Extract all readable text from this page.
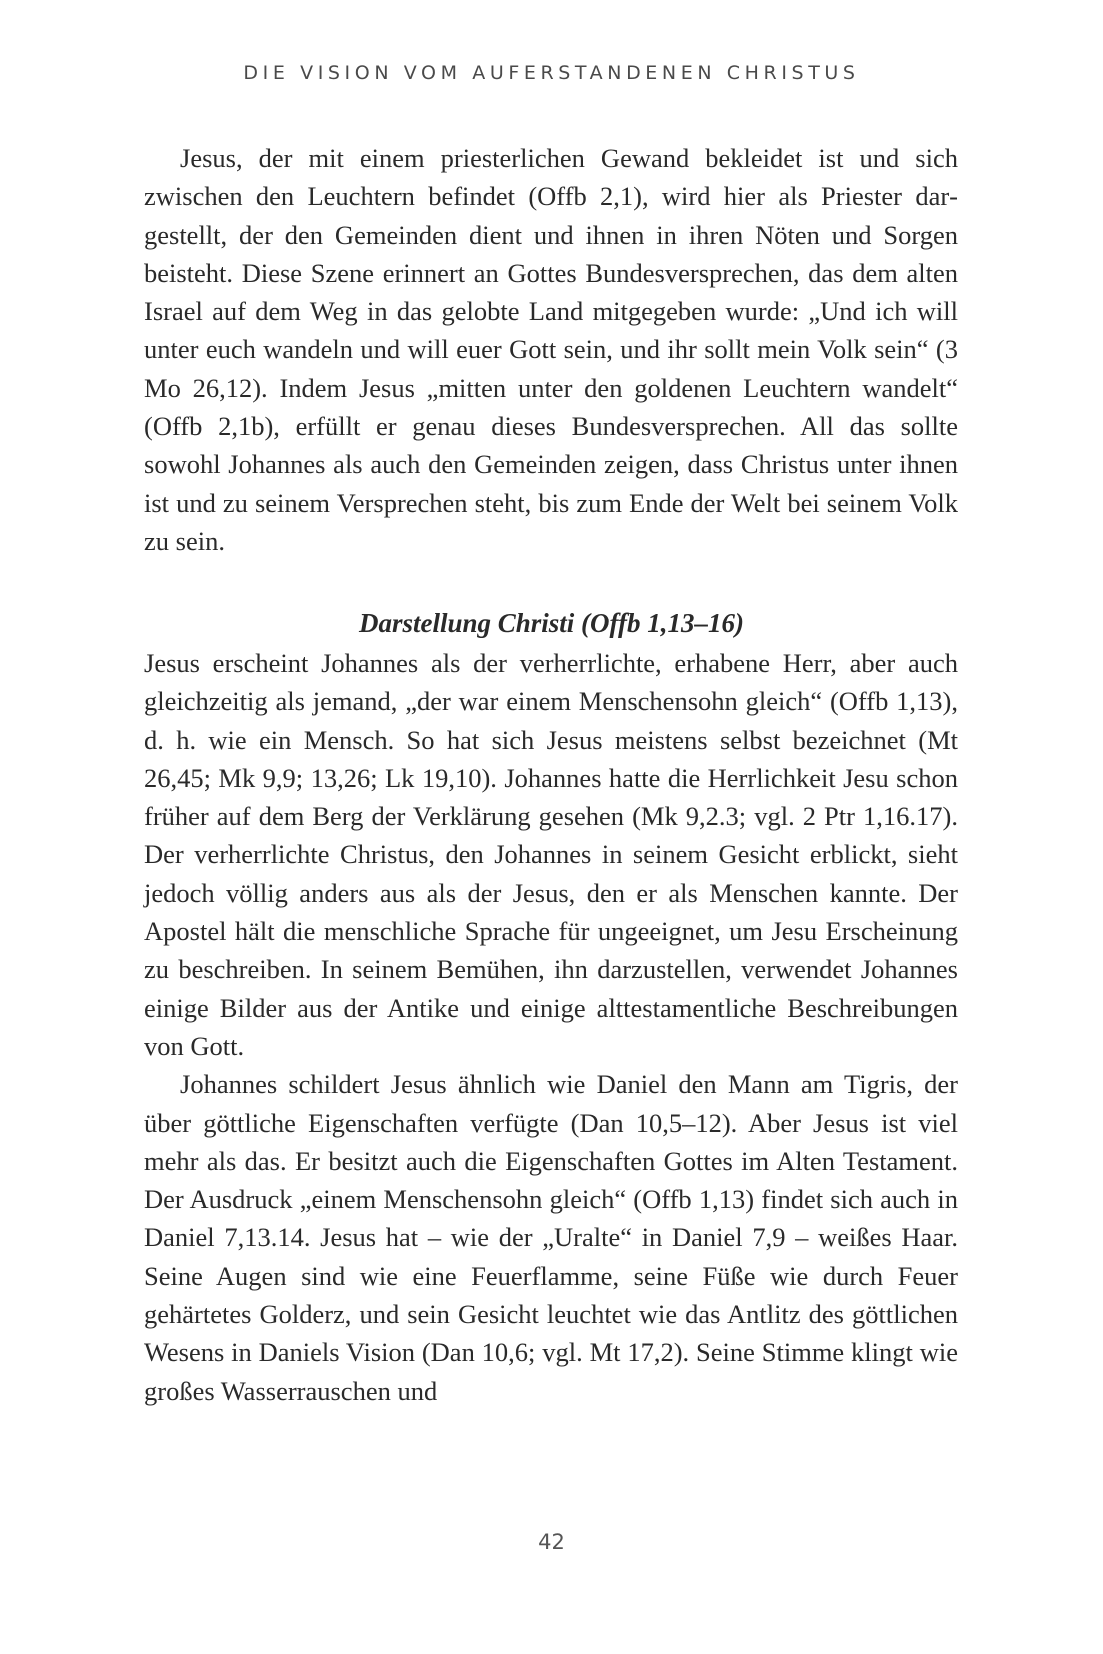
DIE VISION VOM AUFERSTANDENEN CHRISTUS

Jesus, der mit einem priesterlichen Gewand bekleidet ist und sich zwischen den Leuchtern befindet (Offb 2,1), wird hier als Priester dargestellt, der den Gemeinden dient und ihnen in ihren Nöten und Sorgen beisteht. Diese Szene erinnert an Gottes Bundesversprechen, das dem alten Israel auf dem Weg in das gelobte Land mitgegeben wurde: „Und ich will unter euch wandeln und will euer Gott sein, und ihr sollt mein Volk sein“ (3 Mo 26,12). Indem Jesus „mitten unter den goldenen Leuchtern wandelt“ (Offb 2,1b), erfüllt er genau dieses Bundesversprechen. All das sollte sowohl Johannes als auch den Gemeinden zeigen, dass Christus unter ihnen ist und zu seinem Versprechen steht, bis zum Ende der Welt bei seinem Volk zu sein.

Darstellung Christi (Offb 1,13–16)

Jesus erscheint Johannes als der verherrlichte, erhabene Herr, aber auch gleichzeitig als jemand, „der war einem Menschensohn gleich“ (Offb 1,13), d. h. wie ein Mensch. So hat sich Jesus meistens selbst bezeichnet (Mt 26,45; Mk 9,9; 13,26; Lk 19,10). Johannes hatte die Herrlichkeit Jesu schon früher auf dem Berg der Verklärung gesehen (Mk 9,2.3; vgl. 2 Ptr 1,16.17). Der verherrlichte Christus, den Johannes in seinem Gesicht erblickt, sieht jedoch völlig anders aus als der Jesus, den er als Menschen kannte. Der Apostel hält die menschliche Sprache für ungeeignet, um Jesu Erscheinung zu beschreiben. In seinem Bemühen, ihn darzustellen, verwendet Johannes einige Bilder aus der Antike und einige alttestamentliche Beschreibungen von Gott.

Johannes schildert Jesus ähnlich wie Daniel den Mann am Tigris, der über göttliche Eigenschaften verfügte (Dan 10,5–12). Aber Jesus ist viel mehr als das. Er besitzt auch die Eigenschaften Gottes im Alten Testament. Der Ausdruck „einem Menschensohn gleich“ (Offb 1,13) findet sich auch in Daniel 7,13.14. Jesus hat – wie der „Uralte“ in Daniel 7,9 – weißes Haar. Seine Augen sind wie eine Feuerflamme, seine Füße wie durch Feuer gehärtetes Golderz, und sein Gesicht leuchtet wie das Antlitz des göttlichen Wesens in Daniels Vision (Dan 10,6; vgl. Mt 17,2). Seine Stimme klingt wie großes Wasserrauschen und

42
